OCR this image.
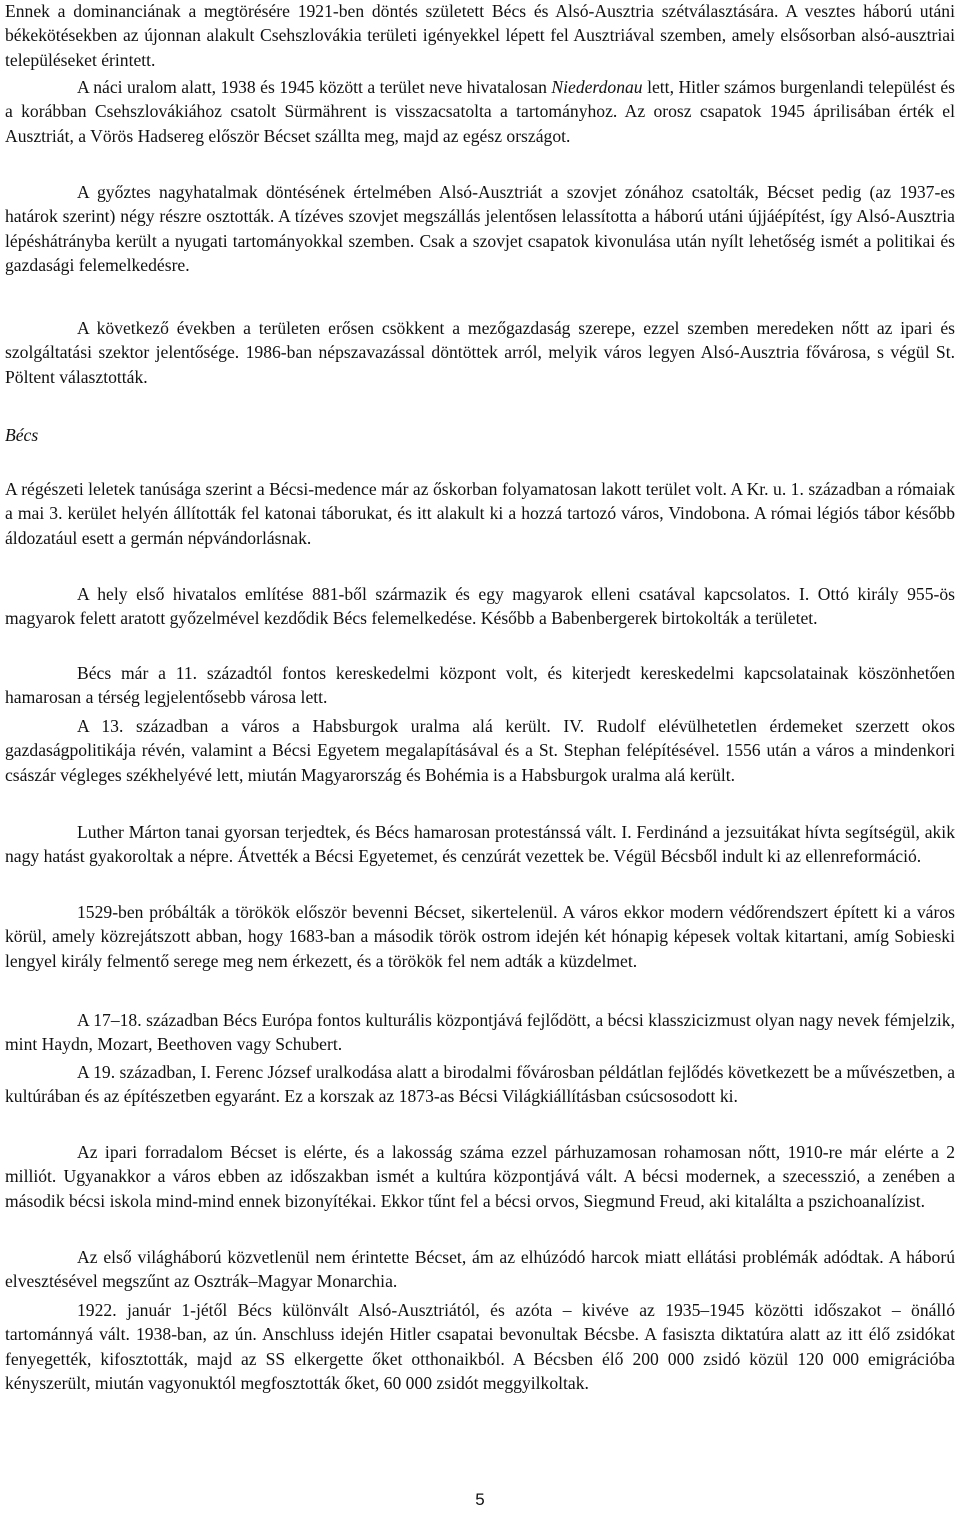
Ennek a dominanciának a megtörésére 1921-ben döntés született Bécs és Alsó-Ausztria szétválasztására. A vesztes háború utáni békekötésekben az újonnan alakult Csehszlovákia területi igényekkel lépett fel Ausztriával szemben, amely elsősorban alsó-ausztriai településeket érintett.

A náci uralom alatt, 1938 és 1945 között a terület neve hivatalosan Niederdonau lett, Hitler számos burgenlandi települést és a korábban Csehszlovákiához csatolt Sürmährent is visszacsatolta a tartományhoz. Az orosz csapatok 1945 áprilisában érték el Ausztriát, a Vörös Hadsereg először Bécset szállta meg, majd az egész országot.

A győztes nagyhatalmak döntésének értelmében Alsó-Ausztriát a szovjet zónához csatolták, Bécset pedig (az 1937-es határok szerint) négy részre osztották. A tízéves szovjet megszállás jelentősen lelassította a háború utáni újjáépítést, így Alsó-Ausztria lépéshátrányba került a nyugati tartományokkal szemben. Csak a szovjet csapatok kivonulása után nyílt lehetőség ismét a politikai és gazdasági felemelkedésre.

A következő években a területen erősen csökkent a mezőgazdaság szerepe, ezzel szemben meredeken nőtt az ipari és szolgáltatási szektor jelentősége. 1986-ban népszavazással döntöttek arról, melyik város legyen Alsó-Ausztria fővárosa, s végül St. Pöltent választották.

Bécs

A régészeti leletek tanúsága szerint a Bécsi-medence már az őskorban folyamatosan lakott terület volt. A Kr. u. 1. században a rómaiak a mai 3. kerület helyén állították fel katonai táborukat, és itt alakult ki a hozzá tartozó város, Vindobona. A római légiós tábor később áldozatául esett a germán népvándorlásnak.

A hely első hivatalos említése 881-ből származik és egy magyarok elleni csatával kapcsolatos. I. Ottó király 955-ös magyarok felett aratott győzelmével kezdődik Bécs felemelkedése. Később a Babenbergerek birtokolták a területet.

Bécs már a 11. századtól fontos kereskedelmi központ volt, és kiterjedt kereskedelmi kapcsolatainak köszönhetően hamarosan a térség legjelentősebb városa lett.

A 13. században a város a Habsburgok uralma alá került. IV. Rudolf elévülhetetlen érdemeket szerzett okos gazdaságpolitikája révén, valamint a Bécsi Egyetem megalapításával és a St. Stephan felépítésével. 1556 után a város a mindenkori császár végleges székhelyévé lett, miután Magyarország és Bohémia is a Habsburgok uralma alá került.

Luther Márton tanai gyorsan terjedtek, és Bécs hamarosan protestánssá vált. I. Ferdinánd a jezsuitákat hívta segítségül, akik nagy hatást gyakoroltak a népre. Átvették a Bécsi Egyetemet, és cenzúrát vezettek be. Végül Bécsből indult ki az ellenreformáció.

1529-ben próbálták a törökök először bevenni Bécset, sikertelenül. A város ekkor modern védőrendszert épített ki a város körül, amely közrejátszott abban, hogy 1683-ban a második török ostrom idején két hónapig képesek voltak kitartani, amíg Sobieski lengyel király felmentő serege meg nem érkezett, és a törökök fel nem adták a küzdelmet.

A 17–18. században Bécs Európa fontos kulturális központjává fejlődött, a bécsi klasszicizmust olyan nagy nevek fémjelzik, mint Haydn, Mozart, Beethoven vagy Schubert.

A 19. században, I. Ferenc József uralkodása alatt a birodalmi fővárosban példátlan fejlődés következett be a művészetben, a kultúrában és az építészetben egyaránt. Ez a korszak az 1873-as Bécsi Világkiállításban csúcsosodott ki.

Az ipari forradalom Bécset is elérte, és a lakosság száma ezzel párhuzamosan rohamosan nőtt, 1910-re már elérte a 2 milliót. Ugyanakkor a város ebben az időszakban ismét a kultúra központjává vált. A bécsi modernek, a szecesszió, a zenében a második bécsi iskola mind-mind ennek bizonyítékai. Ekkor tűnt fel a bécsi orvos, Siegmund Freud, aki kitalálta a pszichoanalízist.

Az első világháború közvetlenül nem érintette Bécset, ám az elhúzódó harcok miatt ellátási problémák adódtak. A háború elvesztésével megszűnt az Osztrák–Magyar Monarchia.

1922. január 1-jétől Bécs különvált Alsó-Ausztriától, és azóta – kivéve az 1935–1945 közötti időszakot – önálló tartománnyá vált. 1938-ban, az ún. Anschluss idején Hitler csapatai bevonultak Bécsbe. A fasiszta diktatúra alatt az itt élő zsidókat fenyegették, kifosztották, majd az SS elkergette őket otthonaikból. A Bécsben élő 200 000 zsidó közül 120 000 emigrációba kényszerült, miután vagyonuktól megfosztották őket, 60 000 zsidót meggyilkoltak.

5
